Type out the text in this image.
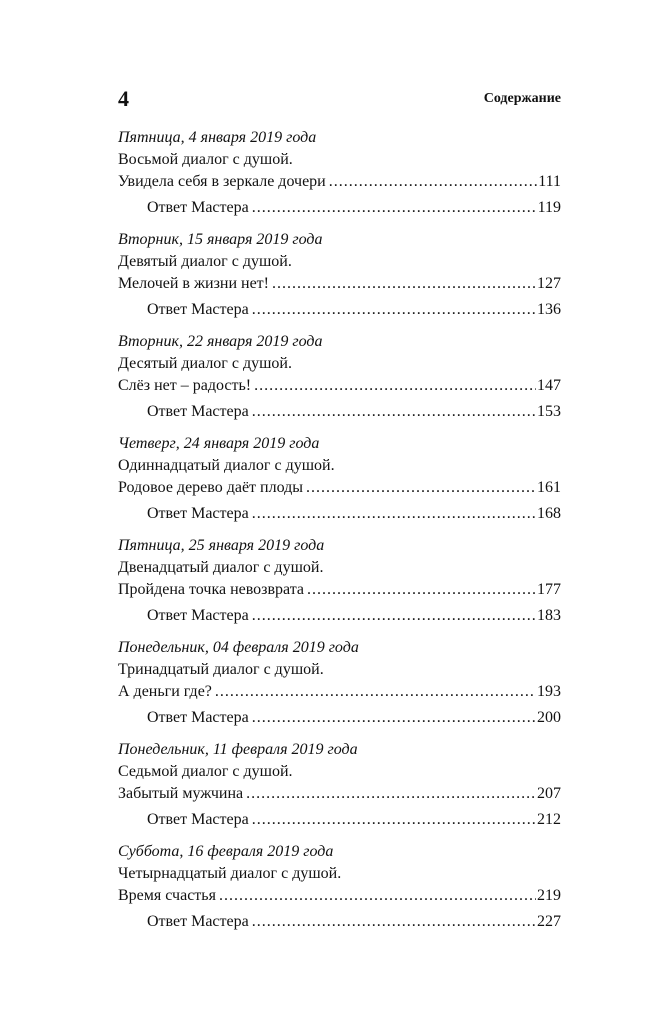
4	Содержание
Пятница, 4 января 2019 года
Восьмой диалог с душой.
Увидела себя в зеркале дочери . . .	111
Ответ Мастера . . .	119
Вторник, 15 января 2019 года
Девятый диалог с душой.
Мелочей в жизни нет! . . .	127
Ответ Мастера . . .	136
Вторник, 22 января 2019 года
Десятый диалог с душой.
Слёз нет – радость! . . .	147
Ответ Мастера . . .	153
Четверг, 24 января 2019 года
Одиннадцатый диалог с душой.
Родовое дерево даёт плоды . . .	161
Ответ Мастера . . .	168
Пятница, 25 января 2019 года
Двенадцатый диалог с душой.
Пройдена точка невозврата . . .	177
Ответ Мастера . . .	183
Понедельник, 04 февраля 2019 года
Тринадцатый диалог с душой.
А деньги где? . . .	193
Ответ Мастера . . .	200
Понедельник, 11 февраля 2019 года
Седьмой диалог с душой.
Забытый мужчина . . .	207
Ответ Мастера . . .	212
Суббота, 16 февраля 2019 года
Четырнадцатый диалог с душой.
Время счастья . . .	219
Ответ Мастера . . .	227
